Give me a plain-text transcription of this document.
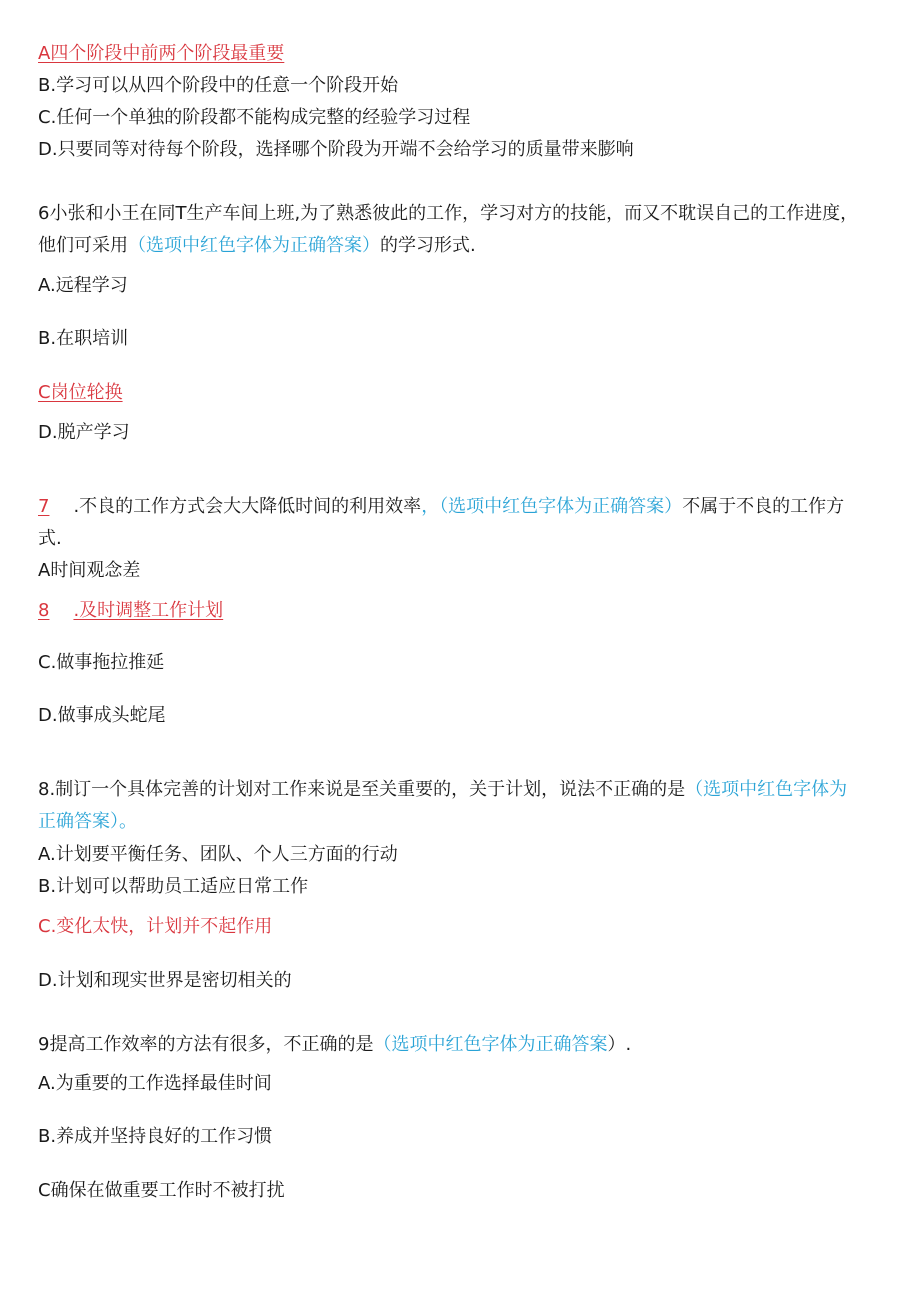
A四个阶段中前两个阶段最重要
B.学习可以从四个阶段中的任意一个阶段开始
C.任何一个单独的阶段都不能构成完整的经验学习过程
D.只要同等对待每个阶段，选择哪个阶段为开端不会给学习的质量带来膨响
6小张和小王在同T生产车间上班,为了熟悉彼此的工作，学习对方的技能，而又不耽误自己的工作进度，
他们可采用（选项中红色字体为正确答案）的学习形式.
A.远程学习
B.在职培训
C岗位轮换
D.脱产学习
7 .不良的工作方式会大大降低时间的利用效率，（选项中红色字体为正确答案）不属于不良的工作方
式.
A时间观念差
8 .及时调整工作计划
C.做事拖拉推延
D.做事成头蛇尾
8.制订一个具体完善的计划对工作来说是至关重要的，关于计划，说法不正确的是（选项中红色字体为
正确答案）。
A.计划要平衡任务、团队、个人三方面的行动
B.计划可以帮助员工适应日常工作
C.变化太快，计划并不起作用
D.计划和现实世界是密切相关的
9提高工作效率的方法有很多，不正确的是（选项中红色字体为正确答案）.
A.为重要的工作选择最佳时间
B.养成并坚持良好的工作习惯
C确保在做重要工作时不被打扰
